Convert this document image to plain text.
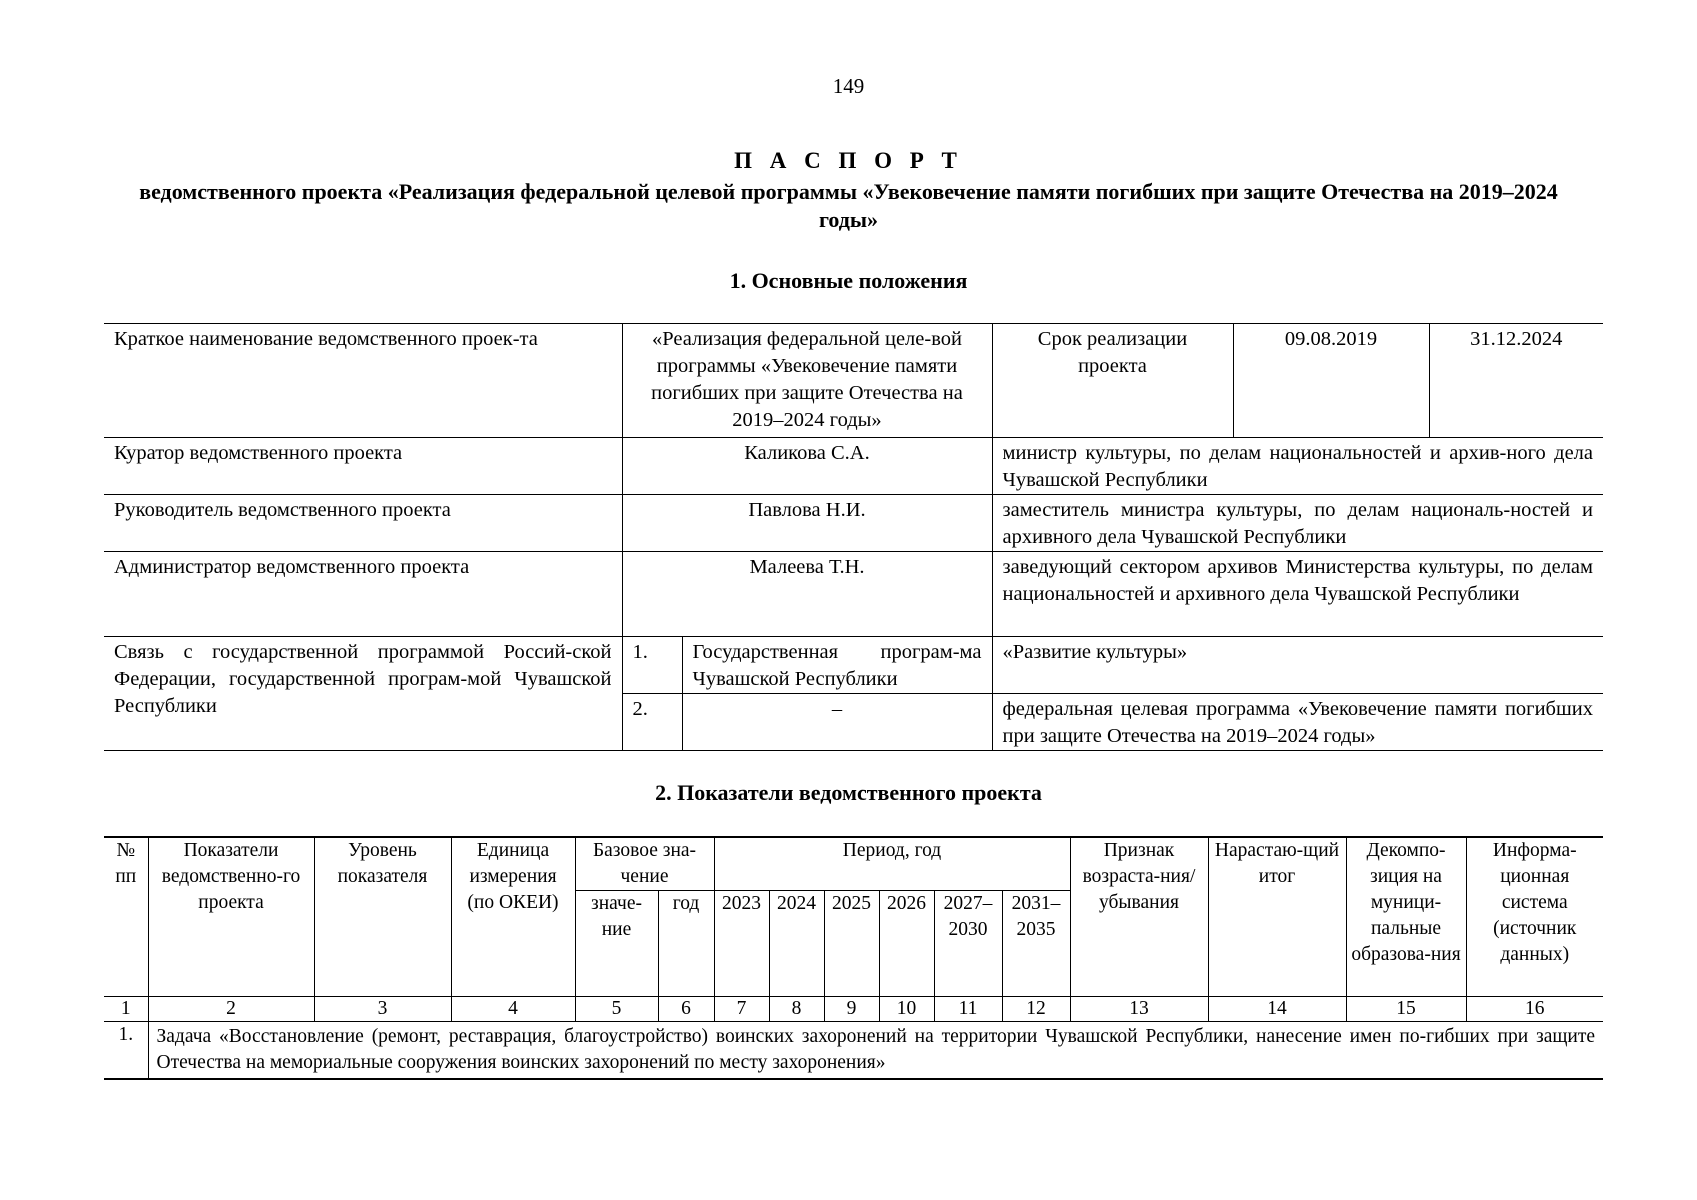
149
П А С П О Р Т
ведомственного проекта «Реализация федеральной целевой программы «Увековечение памяти погибших при защите Отечества на 2019–2024 годы»
1. Основные положения
Краткое наименование ведомственного проек-та	«Реализация федеральной целе-вой программы «Увековечение памяти погибших при защите Отечества на 2019–2024 годы»		Срок реализации проекта	09.08.2019	31.12.2024
Куратор ведомственного проекта	Каликова С.А.		министр культуры, по делам национальностей и архив-ного дела Чувашской Республики		
Руководитель ведомственного проекта	Павлова Н.И.		заместитель министра культуры, по делам националь-ностей и архивного дела Чувашской Республики		
Администратор ведомственного проекта	Малеева Т.Н.		заведующий сектором архивов Министерства культуры, по делам национальностей и архивного дела Чувашской Республики		
Связь с государственной программой Россий-ской Федерации, государственной програм-мой Чувашской Республики	1.	Государственная програм-ма Чувашской Республики	«Развитие культуры»		
	2.	–	федеральная целевая программа «Увековечение памяти погибших при защите Отечества на 2019–2024 годы»		
2. Показатели ведомственного проекта
№ пп	Показатели ведомственно-го проекта	Уровень показателя	Единица измерения (по ОКЕИ)	Базовое зна-чение		Период, год						Признак возраста-ния/ убывания	Нарастаю-щий итог	Декомпо-зиция на муници-пальные образова-ния	Информа-ционная система (источник данных)
				значе-ние	год	2023	2024	2025	2026	2027–2030	2031–2035				
1	2	3	4	5	6	7	8	9	10	11	12	13	14	15	16
1.	Задача «Восстановление (ремонт, реставрация, благоустройство) воинских захоронений на территории Чувашской Республики, нанесение имен по-гибших при защите Отечества на мемориальные сооружения воинских захоронений по месту захоронения»														
